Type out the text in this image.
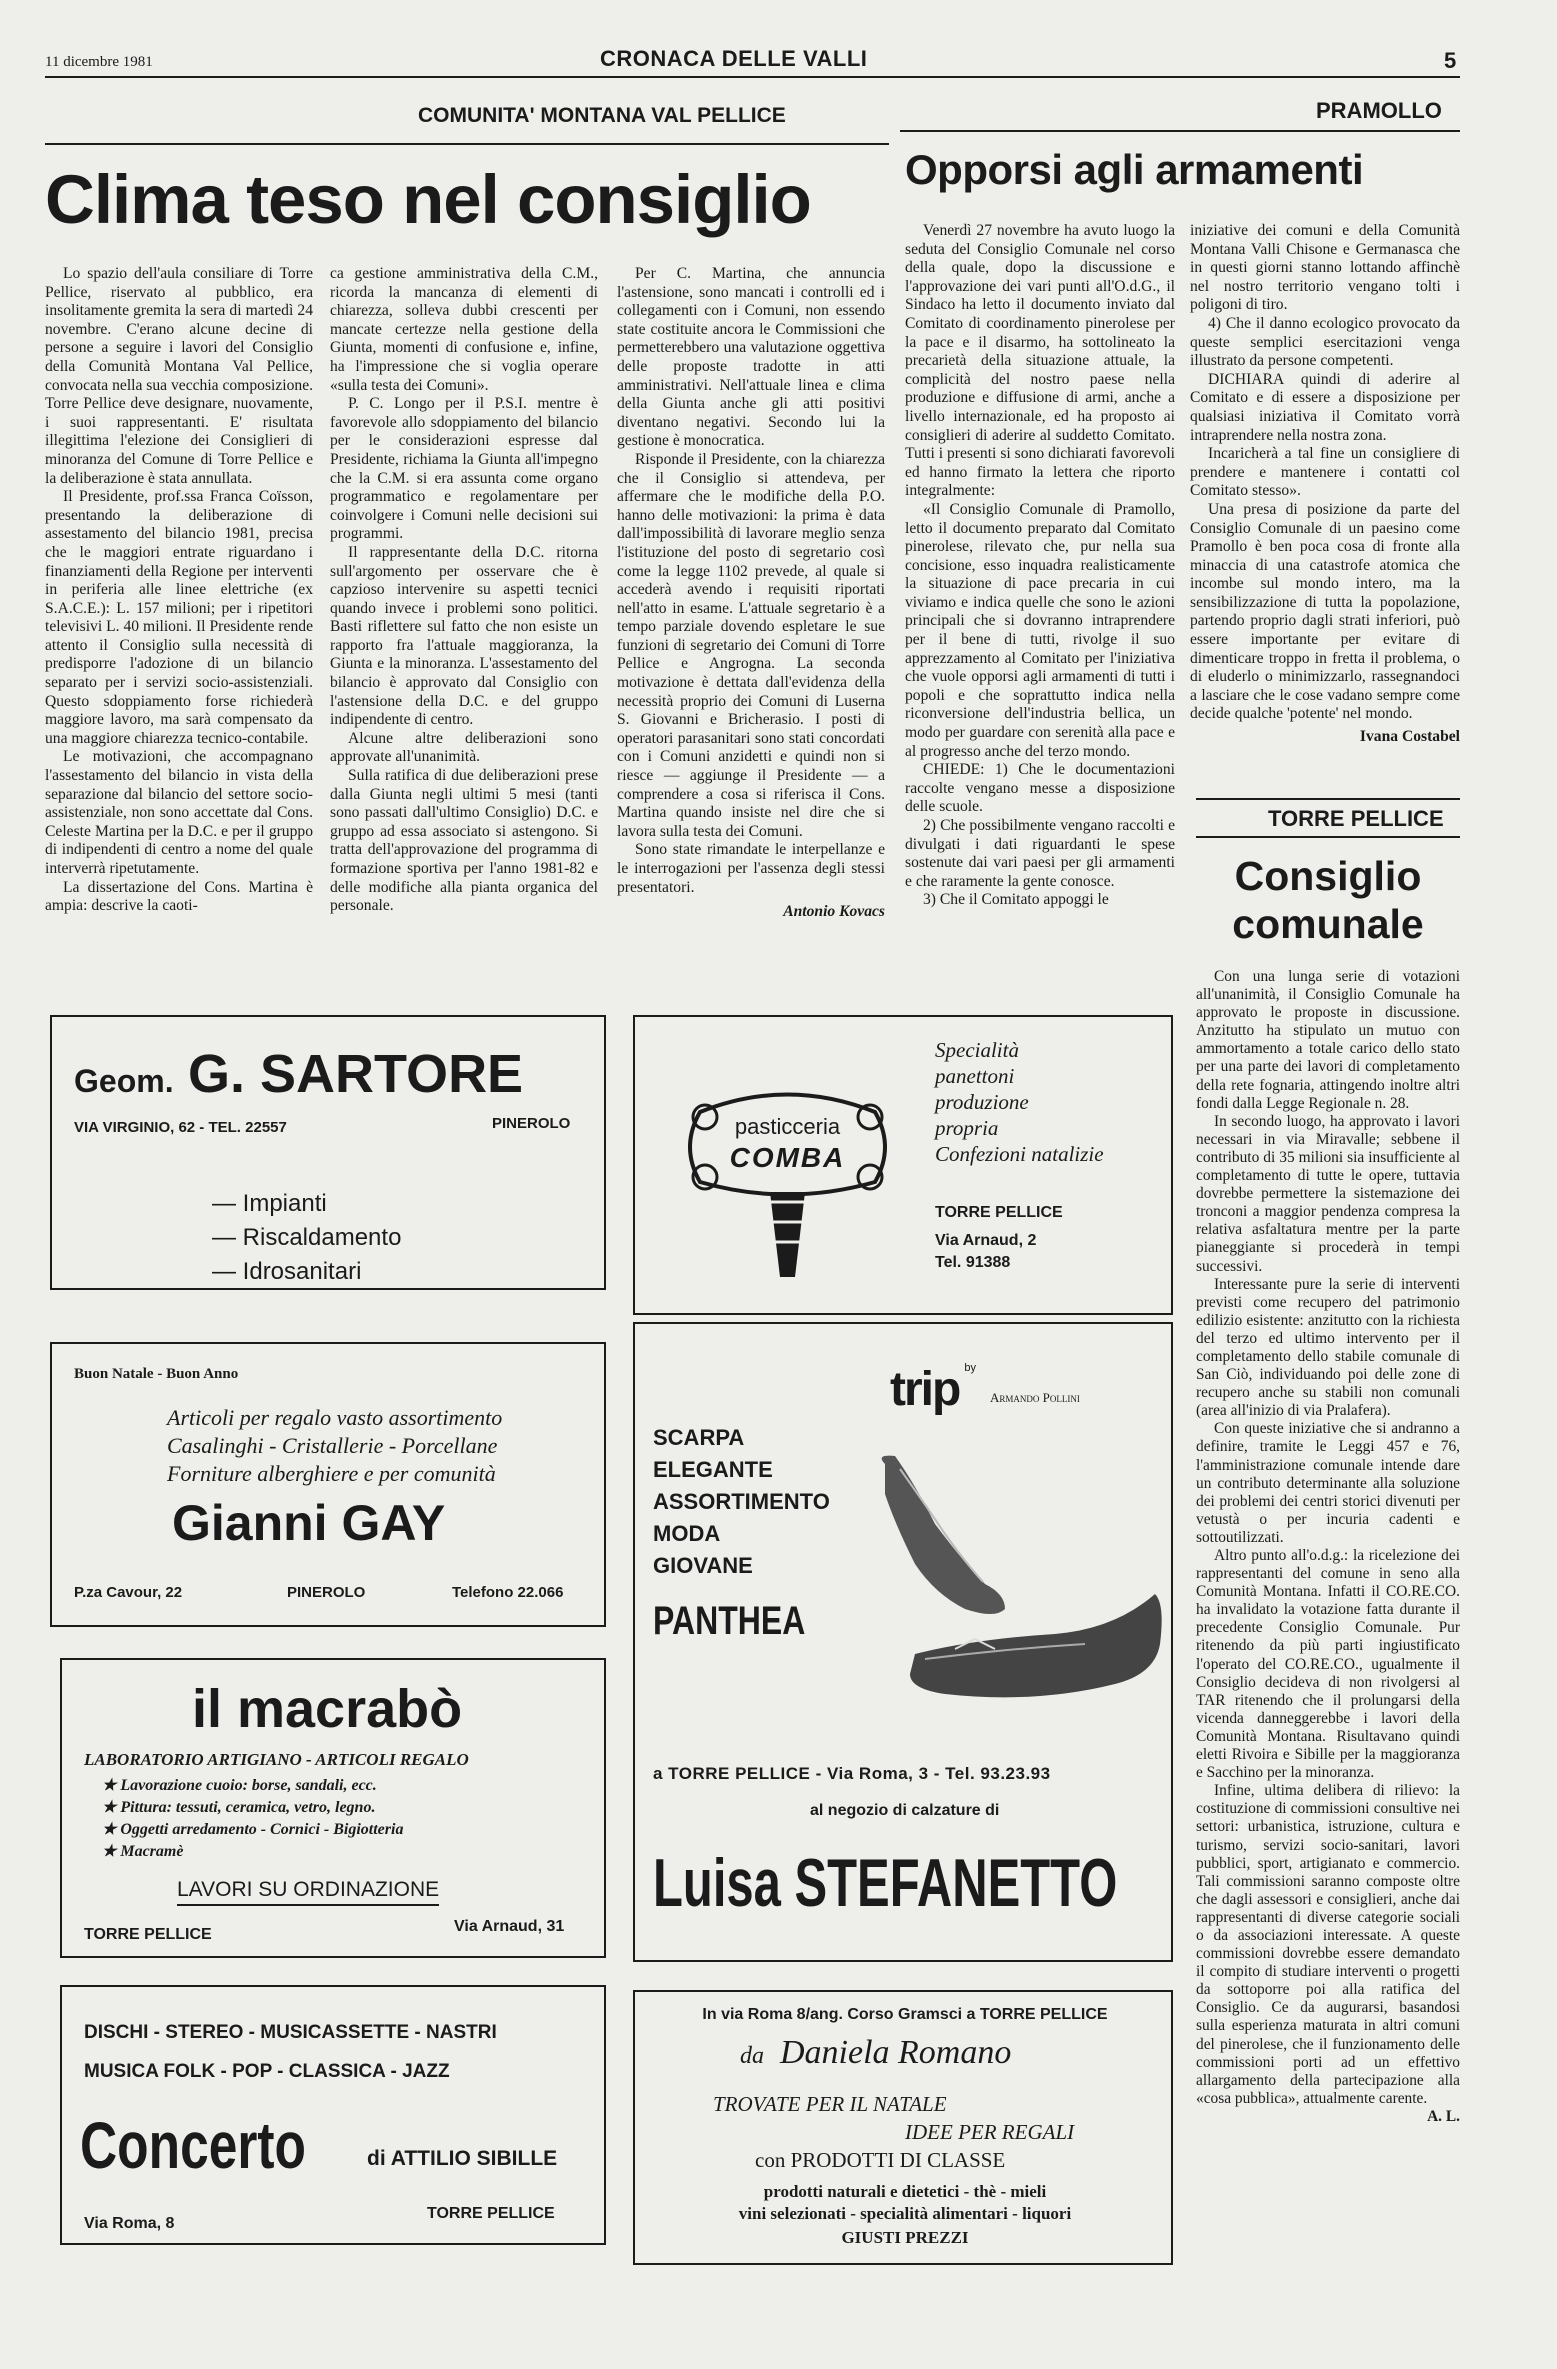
11 dicembre 1981	CRONACA DELLE VALLI	5
COMUNITA' MONTANA VAL PELLICE
Clima teso nel consiglio

Lo spazio dell'aula consiliare di Torre Pellice, riservato al pubblico, era insolitamente gremita la sera di martedì 24 novembre. C'erano alcune decine di persone a seguire i lavori del Consiglio della Comunità Montana Val Pellice, convocata nella sua vecchia composizione. Torre Pellice deve designare, nuovamente, i suoi rappresentanti. E' risultata illegittima l'elezione dei Consiglieri di minoranza del Comune di Torre Pellice e la deliberazione è stata annullata.

Il Presidente, prof.ssa Franca Coïsson, presentando la deliberazione di assestamento del bilancio 1981, precisa che le maggiori entrate riguardano i finanziamenti della Regione per interventi in periferia alle linee elettriche (ex S.A.C.E.): L. 157 milioni; per i ripetitori televisivi L. 40 milioni. Il Presidente rende attento il Consiglio sulla necessità di predisporre l'adozione di un bilancio separato per i servizi socio-assistenziali. Questo sdoppiamento forse richiederà maggiore lavoro, ma sarà compensato da una maggiore chiarezza tecnico-contabile.

Le motivazioni, che accompagnano l'assestamento del bilancio in vista della separazione dal bilancio del settore socio-assistenziale, non sono accettate dal Cons. Celeste Martina per la D.C. e per il gruppo di indipendenti di centro a nome del quale interverrà ripetutamente.

La dissertazione del Cons. Martina è ampia: descrive la caoti-

ca gestione amministrativa della C.M., ricorda la mancanza di elementi di chiarezza, solleva dubbi crescenti per mancate certezze nella gestione della Giunta, momenti di confusione e, infine, ha l'impressione che si voglia operare «sulla testa dei Comuni».

P. C. Longo per il P.S.I. mentre è favorevole allo sdoppiamento del bilancio per le considerazioni espresse dal Presidente, richiama la Giunta all'impegno che la C.M. si era assunta come organo programmatico e regolamentare per coinvolgere i Comuni nelle decisioni sui programmi.

Il rappresentante della D.C. ritorna sull'argomento per osservare che è capzioso intervenire su aspetti tecnici quando invece i problemi sono politici. Basti riflettere sul fatto che non esiste un rapporto fra l'attuale maggioranza, la Giunta e la minoranza. L'assestamento del bilancio è approvato dal Consiglio con l'astensione della D.C. e del gruppo indipendente di centro.

Alcune altre deliberazioni sono approvate all'unanimità.

Sulla ratifica di due deliberazioni prese dalla Giunta negli ultimi 5 mesi (tanti sono passati dall'ultimo Consiglio) D.C. e gruppo ad essa associato si astengono. Si tratta dell'approvazione del programma di formazione sportiva per l'anno 1981-82 e delle modifiche alla pianta organica del personale.

Per C. Martina, che annuncia l'astensione, sono mancati i controlli ed i collegamenti con i Comuni, non essendo state costituite ancora le Commissioni che permetterebbero una valutazione oggettiva delle proposte tradotte in atti amministrativi. Nell'attuale linea e clima della Giunta anche gli atti positivi diventano negativi. Secondo lui la gestione è monocratica.

Risponde il Presidente, con la chiarezza che il Consiglio si attendeva, per affermare che le modifiche della P.O. hanno delle motivazioni: la prima è data dall'impossibilità di lavorare meglio senza l'istituzione del posto di segretario così come la legge 1102 prevede, al quale si accederà avendo i requisiti riportati nell'atto in esame. L'attuale segretario è a tempo parziale dovendo espletare le sue funzioni di segretario dei Comuni di Torre Pellice e Angrogna. La seconda motivazione è dettata dall'evidenza della necessità proprio dei Comuni di Luserna S. Giovanni e Bricherasio. I posti di operatori parasanitari sono stati concordati con i Comuni anzidetti e quindi non si riesce — aggiunge il Presidente — a comprendere a cosa si riferisca il Cons. Martina quando insiste nel dire che si lavora sulla testa dei Comuni.

Sono state rimandate le interpellanze e le interrogazioni per l'assenza degli stessi presentatori.

Antonio Kovacs

PRAMOLLO
Opporsi agli armamenti

Venerdì 27 novembre ha avuto luogo la seduta del Consiglio Comunale nel corso della quale, dopo la discussione e l'approvazione dei vari punti all'O.d.G., il Sindaco ha letto il documento inviato dal Comitato di coordinamento pinerolese per la pace e il disarmo, ha sottolineato la precarietà della situazione attuale, la complicità del nostro paese nella produzione e diffusione di armi, anche a livello internazionale, ed ha proposto ai consiglieri di aderire al suddetto Comitato. Tutti i presenti si sono dichiarati favorevoli ed hanno firmato la lettera che riporto integralmente:

«Il Consiglio Comunale di Pramollo, letto il documento preparato dal Comitato pinerolese, rilevato che, pur nella sua concisione, esso inquadra realisticamente la situazione di pace precaria in cui viviamo e indica quelle che sono le azioni principali che si dovranno intraprendere per il bene di tutti, rivolge il suo apprezzamento al Comitato per l'iniziativa che vuole opporsi agli armamenti di tutti i popoli e che soprattutto indica nella riconversione dell'industria bellica, un modo per guardare con serenità alla pace e al progresso anche del terzo mondo.

CHIEDE: 1) Che le documentazioni raccolte vengano messe a disposizione delle scuole.

2) Che possibilmente vengano raccolti e divulgati i dati riguardanti le spese sostenute dai vari paesi per gli armamenti e che raramente la gente conosce.

3) Che il Comitato appoggi le

iniziative dei comuni e della Comunità Montana Valli Chisone e Germanasca che in questi giorni stanno lottando affinchè nel nostro territorio vengano tolti i poligoni di tiro.

4) Che il danno ecologico provocato da queste semplici esercitazioni venga illustrato da persone competenti.

DICHIARA quindi di aderire al Comitato e di essere a disposizione per qualsiasi iniziativa il Comitato vorrà intraprendere nella nostra zona.

Incaricherà a tal fine un consigliere di prendere e mantenere i contatti col Comitato stesso».

Una presa di posizione da parte del Consiglio Comunale di un paesino come Pramollo è ben poca cosa di fronte alla minaccia di una catastrofe atomica che incombe sul mondo intero, ma la sensibilizzazione di tutta la popolazione, partendo proprio dagli strati inferiori, può essere importante per evitare di dimenticare troppo in fretta il problema, o di eluderlo o minimizzarlo, rassegnandoci a lasciare che le cose vadano sempre come decide qualche 'potente' nel mondo.

Ivana Costabel

TORRE PELLICE
Consiglio
comunale

Con una lunga serie di votazioni all'unanimità, il Consiglio Comunale ha approvato le proposte in discussione. Anzitutto ha stipulato un mutuo con ammortamento a totale carico dello stato per una parte dei lavori di completamento della rete fognaria, attingendo inoltre altri fondi dalla Legge Regionale n. 28.

In secondo luogo, ha approvato i lavori necessari in via Miravalle; sebbene il contributo di 35 milioni sia insufficiente al completamento di tutte le opere, tuttavia dovrebbe permettere la sistemazione dei tronconi a maggior pendenza compresa la relativa asfaltatura mentre per la parte pianeggiante si procederà in tempi successivi.

Interessante pure la serie di interventi previsti come recupero del patrimonio edilizio esistente: anzitutto con la richiesta del terzo ed ultimo intervento per il completamento dello stabile comunale di San Ciò, individuando poi delle zone di recupero anche su stabili non comunali (area all'inizio di via Pralafera).

Con queste iniziative che si andranno a definire, tramite le Leggi 457 e 76, l'amministrazione comunale intende dare un contributo determinante alla soluzione dei problemi dei centri storici divenuti per vetustà o per incuria cadenti e sottoutilizzati.

Altro punto all'o.d.g.: la ricelezione dei rappresentanti del comune in seno alla Comunità Montana. Infatti il CO.RE.CO. ha invalidato la votazione fatta durante il precedente Consiglio Comunale. Pur ritenendo da più parti ingiustificato l'operato del CO.RE.CO., ugualmente il Consiglio decideva di non rivolgersi al TAR ritenendo che il prolungarsi della vicenda danneggerebbe i lavori della Comunità Montana. Risultavano quindi eletti Rivoira e Sibille per la maggioranza e Sacchino per la minoranza.

Infine, ultima delibera di rilievo: la costituzione di commissioni consultive nei settori: urbanistica, istruzione, cultura e turismo, servizi socio-sanitari, lavori pubblici, sport, artigianato e commercio. Tali commissioni saranno composte oltre che dagli assessori e consiglieri, anche dai rappresentanti di diverse categorie sociali o da associazioni interessate. A queste commissioni dovrebbe essere demandato il compito di studiare interventi o progetti da sottoporre poi alla ratifica del Consiglio. Ce da augurarsi, basandosi sulla esperienza maturata in altri comuni del pinerolese, che il funzionamento delle commissioni porti ad un effettivo allargamento della partecipazione alla «cosa pubblica», attualmente carente.

A. L.

Geom. G. SARTORE
VIA VIRGINIO, 62 - TEL. 22557	PINEROLO
— Impianti
— Riscaldamento
— Idrosanitari
pasticceria
COMBA
Specialità
panettoni
produzione
propria
Confezioni natalizie
TORRE PELLICE
Via Arnaud, 2
Tel. 91388
Buon Natale - Buon Anno
Articoli per regalo vasto assortimento
Casalinghi - Cristallerie - Porcellane
Forniture alberghiere e per comunità
Gianni GAY
P.za Cavour, 22	PINEROLO	Telefono 22.066
trip $^{by}$
Armando Pollini
SCARPA
ELEGANTE
ASSORTIMENTO
MODA
GIOVANE
PANTHEA
a TORRE PELLICE - Via Roma, 3 - Tel. 93.23.93
al negozio di calzature di
Luisa STEFANETTO
il macrabò
LABORATORIO ARTIGIANO - ARTICOLI REGALO
★ Lavorazione cuoio: borse, sandali, ecc.
★ Pittura: tessuti, ceramica, vetro, legno.
★ Oggetti arredamento - Cornici - Bigiotteria
★ Macramè
LAVORI SU ORDINAZIONE
TORRE PELLICE	Via Arnaud, 31
DISCHI - STEREO - MUSICASSETTE - NASTRI
MUSICA FOLK - POP - CLASSICA - JAZZ
Concerto	di ATTILIO SIBILLE
Via Roma, 8
TORRE PELLICE
In via Roma 8/ang. Corso Gramsci a TORRE PELLICE
da Daniela Romano
TROVATE PER IL NATALE
IDEE PER REGALI
con PRODOTTI DI CLASSE
prodotti naturali e dietetici - thè - mieli
vini selezionati - specialità alimentari - liquori
GIUSTI PREZZI
